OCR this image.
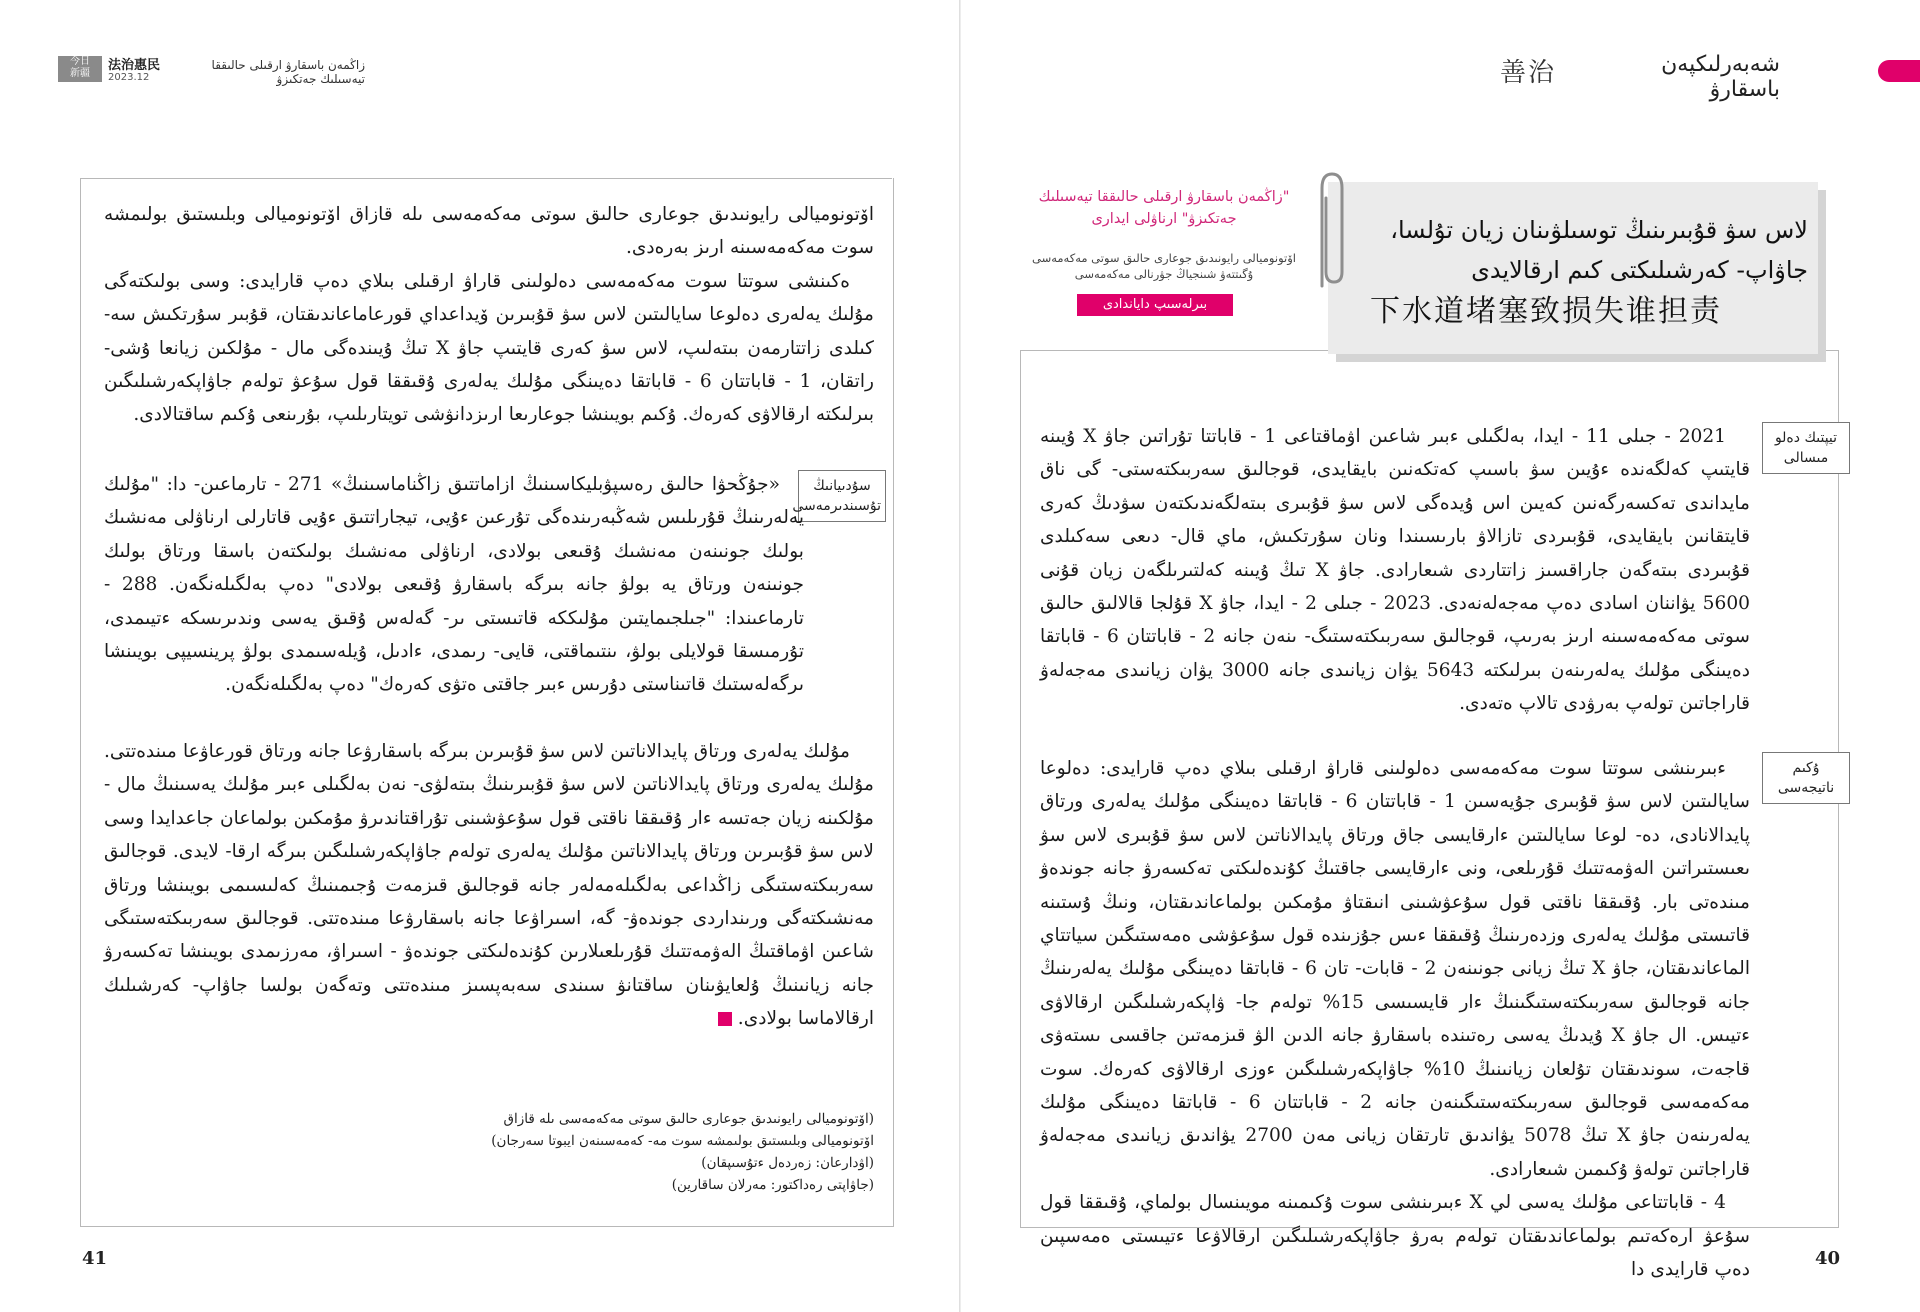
今日
新疆
法治惠民
2023.12
زاڭمەن باسقارۋ ارقىلى حالىققا تيەسىلىك جەتكىزۋ	善治	شەبەرلىكپەن باسقارۋ

اۆتونوميالى رايونىدىق جوعارى حالىق سوتى مەكەمەسى ىلە قازاق اۆتونوميالى وبلىستىق بولىمشە سوت مەكەمەسىنە ارىز بەرەدى.

ەكىنشى سوتتا سوت مەكەمەسى دەلولىنى قاراۋ ارقىلى بىلاي دەپ قارايدى: وسى بولىكتەگى مۇلىك يەلەرى دەلوعا سايالىتىن لاس سۋ قۇبىرىن ۆيداعداي قورعاماعاندىقتان، قۇبىر سۇرتكىش سە- كىلدى زاتتارمەن بىتەلىپ، لاس سۋ كەرى قايتىپ جاۋ X تىڭ ۇيىندەگى مال - مۇلكىن زيانعا ۇشى- راتقان، 1 - قاباتتان 6 - قاباتقا دەيىنگى مۇلىك يەلەرى ۇقىققا قول سۇعۋ تولەم جاۋاپكەرشىلىگىن بىرلىكتە ارقالاۋى كەرەك. ۇكىم بويىنشا جوعارىعا ارىزدانۋشى تويتارىلىپ، بۇرىنعى ۇكىم ساقتالادى.

سۇدىيانىڭ تۇسىندىرمەسى

«جۇڭحۋا حالىق رەسپۋبليكاسىنىڭ ازاماتتىق زاڭناماسىنىڭ» 271 - تارماعىن- دا: "مۇلىك يەلەرىنىڭ قۇرىلىس شەڭبەرىندەگى تۇرعىن ءۇيى، تيجاراتتىق ءۇيى قاتارلى ارناۋلى مەنشىك بولىك جونىنەن مەنشىك ۇقىعى بولادى، ارناۋلى مەنشىك بولىكتەن باسقا ورتاق بولىك جونىنەن ورتاق يە بولۋ جانە بىرگە باسقارۋ ۇقىعى بولادى" دەپ بەلگىلەنگەن. 288 - تارماعىندا: "جىلجىمايتىن مۇلىككە قاتىستى ىر- گەلەس ۇقىق يەسى وندىرىسكە ءتيىمدى، تۇرمىسقا قولايلى بولۋ، ىنتىماقتى، قايى- رىمدى، ءادىل، ۇيلەسىمدى بولۋ پرينسيپى بويىنشا ىرگەلەستىك قاتىناستى دۇرىس ءبىر جاقتى ەتۋى كەرەك" دەپ بەلگىلەنگەن.

مۇلىك يەلەرى ورتاق پايدالاناتىن لاس سۋ قۇبىرىن بىرگە باسقارۋعا جانە ورتاق قورعاۋعا مىندەتتى. مۇلىك يەلەرى ورتاق پايدالاناتىن لاس سۋ قۇبىرىنىڭ بىتەلۋى- نەن بەلگىلى ءبىر مۇلىك يەسىنىڭ مال - مۇلكىنە زيان جەتسە ءار ۇقىققا ناقتى قول سۇعۋشىنى تۇراقتاندىرۋ مۇمكىن بولماعان جاعدايدا وسى لاس سۋ قۇبىرىن ورتاق پايدالاناتىن مۇلىك يەلەرى تولەم جاۋاپكەرشىلىگىن بىرگە ارقا- لايدى. قوجالىق سەربىكتەستىگى زاڭداعى بەلگىلەمەلەر جانە قوجالىق قىزمەت ۇجىمىنىڭ كەلىسىمى بويىنشا ورتاق مەنشىكتەگى ورىنداردى جوندەۋ- گە، اسىراۋعا جانە باسقارۋعا مىندەتتى. قوجالىق سەربىكتەستىگى شاعىن اۋماقتىڭ الەۋمەتتىك قۇرىلعىلارىن كۇندەلىكتى جوندەۋ - اسىراۋ، مەرزىمدى بويىنشا تەكسەرۋ جانە زيانىنىڭ ۇلعايۋىنان ساقتانۋ سىندى سەبەپسىز مىندەتتى وتەگەن بولسا جاۋاپ- كەرشىلىك ارقالاماسا بولادى.J

(اۆتونوميالى رايونىدىق جوعارى حالىق سوتى مەكەمەسى ىلە قازاق اۆتونوميالى وبلىستىق بولىمشە سوت مە- كەمەسىنەن ايبوتا سەرجان)
(اۋدارعان: زەردەل ءتۇسىپقان)
(جاۋاپتى رەداكتور: مەرلان ساقارين)
41
"زاڭمەن باسقارۋ ارقىلى حالىققا تيەسىلىك جەتكىزۋ" ارناۋلى ايدارى
اۆتونوميالى رايونىدىق جوعارى حالىق سوتى مەكەمەسى ۇگىتتەۋ شىنجياڭ جۋرنالى مەكەمەسى
بىرلەسىپ داياندادى
لاس سۋ قۇبىرىنىڭ توسىلۋىنان زيان تۇلسا، جاۋاپ- كەرشىلىكتى كىم ارقالايدى
下水道堵塞致损失谁担责
تيپتىك دەلو مىسالى

2021 - جىلى 11 - ايدا، بەلگىلى ءبىر شاعىن اۋماقتاعى 1 - قاباتتا تۇراتىن جاۋ X ۇيىنە قايتىپ كەلگەندە ءۇيىن سۋ باسىپ كەتكەنىن بايقايدى، قوجالىق سەربىكتەستى- گى ناق مايداندى تەكسەرگەنىن كەيىن اس ۇيدەگى لاس سۋ قۇبىرى بىتەلگەندىكتەن سۋدىڭ كەرى قايتقانىن بايقايدى، قۇبىردى تازالاۋ بارىسىندا ونان سۇرتكىش، ماي قال- دىعى سەكىلدى قۇبىردى بىتەگەن جاراقسىز زاتتاردى شىعارادى. جاۋ X تىڭ ۇيىنە كەلتىرىلگەن زيان قۇنى 5600 يۋاننان اسادى دەپ مەجەلەنەدى. 2023 - جىلى 2 - ايدا، جاۋ X قۇلجا قالالىق حالىق سوتى مەكەمەسىنە ارىز بەرىپ، قوجالىق سەربىكتەستىگ- ىنەن جانە 2 - قاباتتان 6 - قاباتقا دەيىنگى مۇلىك يەلەرىنەن بىرلىكتە 5643 يۋان زيانىدى جانە 3000 يۋان زيانىدى مەجەلەۋ قاراجاتىن تولەپ بەرۋدى تالاپ ەتەدى.

ۇكىم ناتيجەسى

ءبىرىنشى سوتتا سوت مەكەمەسى دەلولىنى قاراۋ ارقىلى بىلاي دەپ قارايدى: دەلوعا سايالىتىن لاس سۋ قۇبىرى جۇيەسىن 1 - قاباتتان 6 - قاباتقا دەيىنگى مۇلىك يەلەرى ورتاق پايدالانادى، دە- لوعا سايالىتىن ءارقايسى جاق ورتاق پايدالاناتىن لاس سۋ قۇبىرى لاس سۋ ىعىستىراتىن الەۋمەتتىك قۇرىلعى، ونى ءارقايسى جاقتىڭ كۇندەلىكتى تەكسەرۋ جانە جوندەۋ مىندەتى بار. ۇقىققا ناقتى قول سۇعۋشىنى انىقتاۋ مۇمكىن بولماعاندىقتان، ونىڭ ۇستىنە قاتىستى مۇلىك يەلەرى وزدەرىنىڭ ۇقىققا ءىس جۇزىندە قول سۇعۋشى ەمەستىگىن سياتتاي الماعاندىقتان، جاۋ X تىڭ زيانى جونىنەن 2 - قابات- تان 6 - قاباتقا دەيىنگى مۇلىك يەلەرىنىڭ جانە قوجالىق سەربىكتەستىگىنىڭ ءار قايسىسى 15% تولەم جا- ۋاپكەرشىلىگىن ارقالاۋى ءتيىس. ال جاۋ X ۇيدىڭ يەسى رەتىندە باسقارۋ جانە الدىن الۋ قىزمەتىن جاقسى ىستەۋى قاجەت، سوندىقتان تۇلعان زيانىنىڭ 10% جاۋاپكەرشىلىگىن ءوزى ارقالاۋى كەرەك. سوت مەكەمەسى قوجالىق سەربىكتەستىگىنەن جانە 2 - قاباتتان 6 - قاباتقا دەيىنگى مۇلىك يەلەرىنەن جاۋ X تىڭ 5078 يۋاندىق تارتقان زيانى مەن 2700 يۋاندىق زيانىدى مەجەلەۋ قاراجاتىن تولەۋ ۇكىمىن شىعارادى.

4 - قاباتتاعى مۇلىك يەسى لي X ءبىرىنشى سوت ۇكىمىنە مويىنسال بولماي، ۇقىققا قول سۇعۋ ارەكەتىم بولماعاندىقتان تولەم بەرۋ جاۋاپكەرشىلىگىن ارقالاۋعا ءتيىستى ەمەسپىن دەپ قارايدى دا

40
